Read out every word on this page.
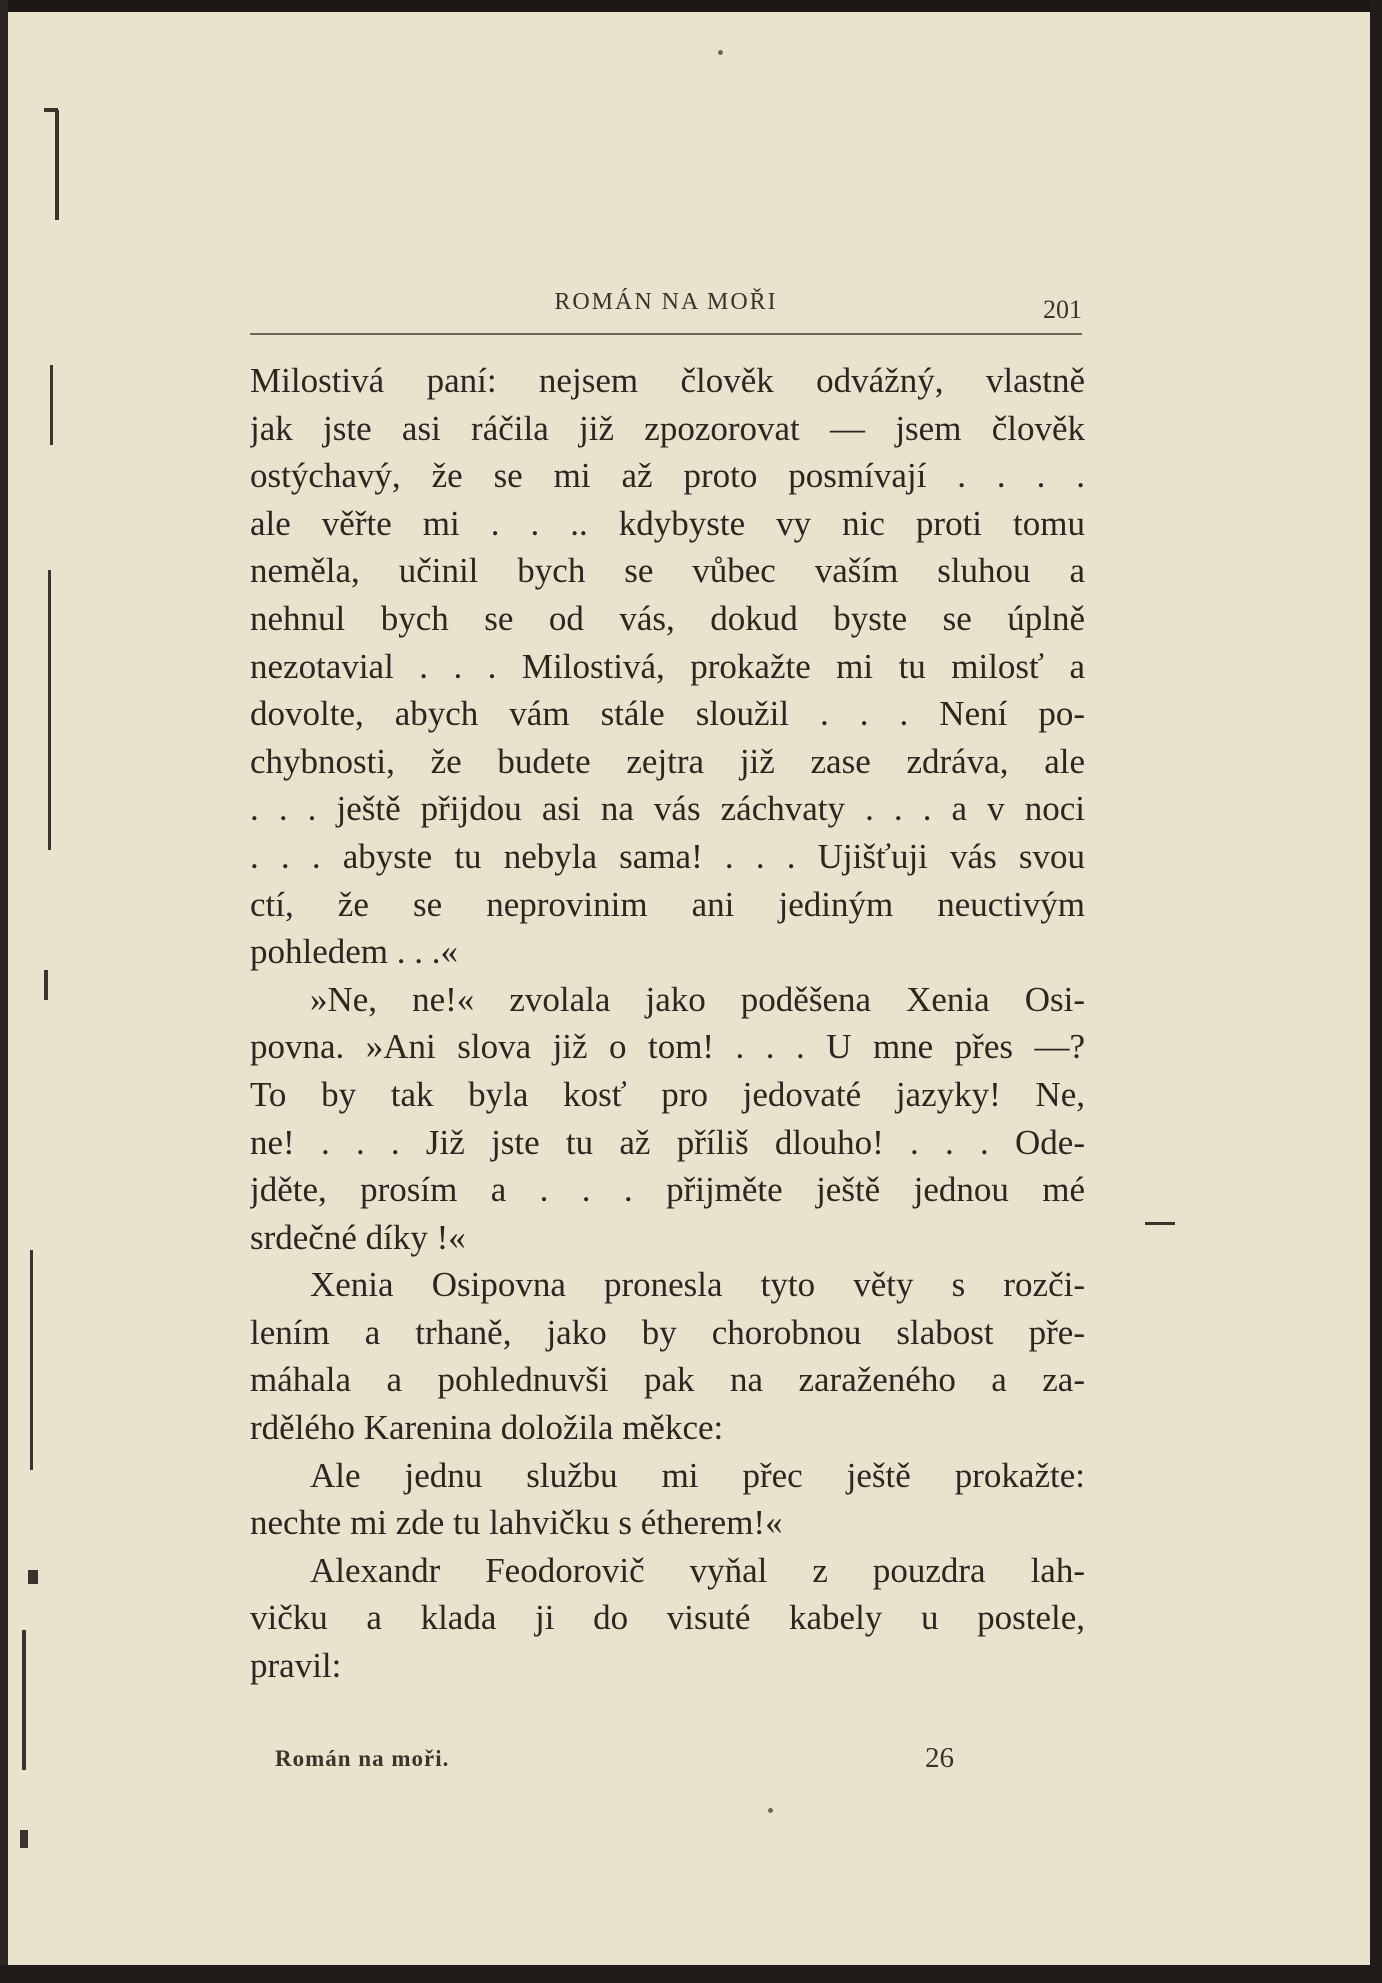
ROMÁN NA MOŘI	201
Milostivá paní: nejsem člověk odvážný, vlastně
jak jste asi ráčila již zpozorovat — jsem člověk
ostýchavý, že se mi až proto posmívají . . . .
ale věřte mi . . .. kdybyste vy nic proti tomu
neměla, učinil bych se vůbec vaším sluhou a
nehnul bych se od vás, dokud byste se úplně
nezotavial . . . Milostivá, prokažte mi tu milosť a
dovolte, abych vám stále sloužil . . . Není po-
chybnosti, že budete zejtra již zase zdráva, ale
. . . ještě přijdou asi na vás záchvaty . . . a v noci
. . . abyste tu nebyla sama! . . . Ujišťuji vás svou
ctí, že se neprovinim ani jediným neuctivým
pohledem . . .«
»Ne, ne!« zvolala jako poděšena Xenia Osi-
povna. »Ani slova již o tom! . . . U mne přes —?
To by tak byla kosť pro jedovaté jazyky! Ne,
ne! . . . Již jste tu až příliš dlouho! . . . Ode-
jděte, prosím a . . . přijměte ještě jednou mé
srdečné díky !«
Xenia Osipovna pronesla tyto věty s rozči-
lením a trhaně, jako by chorobnou slabost pře-
máhala a pohlednuvši pak na zaraženého a za-
rdělého Karenina doložila měkce:
Ale jednu službu mi přec ještě prokažte:
nechte mi zde tu lahvičku s étherem!«
Alexandr Feodorovič vyňal z pouzdra lah-
vičku a klada ji do visuté kabely u postele,
pravil:
Román na moři.	26
